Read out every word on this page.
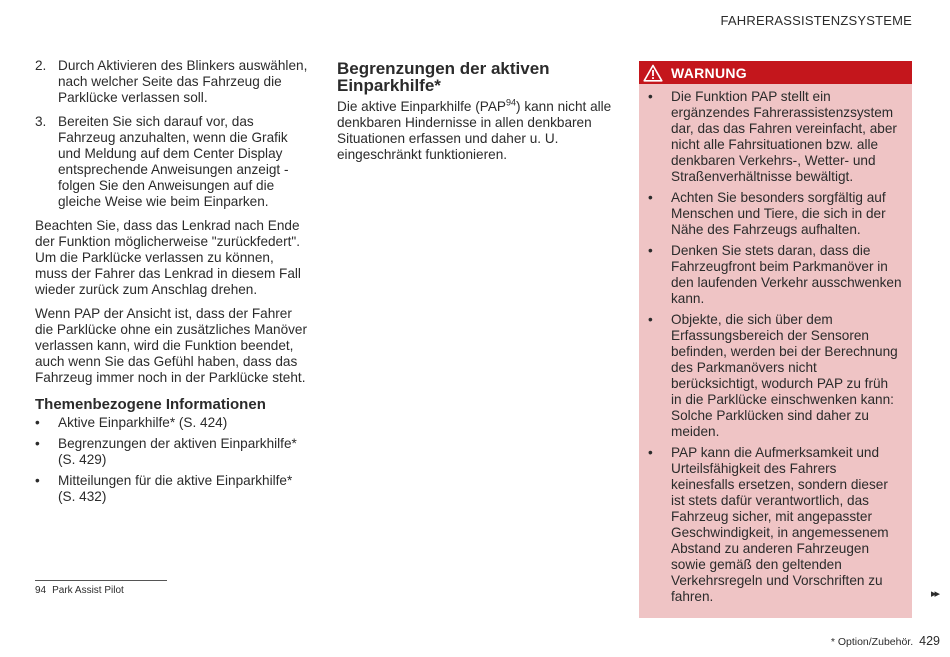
FAHRERASSISTENZSYSTEME
2. Durch Aktivieren des Blinkers auswählen, nach welcher Seite das Fahrzeug die Parklücke verlassen soll.
3. Bereiten Sie sich darauf vor, das Fahrzeug anzuhalten, wenn die Grafik und Meldung auf dem Center Display entsprechende Anweisungen anzeigt - folgen Sie den Anweisungen auf die gleiche Weise wie beim Einparken.

Beachten Sie, dass das Lenkrad nach Ende der Funktion möglicherweise "zurückfedert". Um die Parklücke verlassen zu können, muss der Fahrer das Lenkrad in diesem Fall wieder zurück zum Anschlag drehen.

Wenn PAP der Ansicht ist, dass der Fahrer die Parklücke ohne ein zusätzliches Manöver verlassen kann, wird die Funktion beendet, auch wenn Sie das Gefühl haben, dass das Fahrzeug immer noch in der Parklücke steht.

Themenbezogene Informationen
• Aktive Einparkhilfe* (S. 424)
• Begrenzungen der aktiven Einparkhilfe* (S. 429)
• Mitteilungen für die aktive Einparkhilfe* (S. 432)
Begrenzungen der aktiven Einparkhilfe*

Die aktive Einparkhilfe (PAP$^{94}$) kann nicht alle denkbaren Hindernisse in allen denkbaren Situationen erfassen und daher u. U. eingeschränkt funktionieren.

WARNUNG
• Die Funktion PAP stellt ein ergänzendes Fahrerassistenzsystem dar, das das Fahren vereinfacht, aber nicht alle Fahrsituationen bzw. alle denkbaren Verkehrs-, Wetter- und Straßenverhältnisse bewältigt.
• Achten Sie besonders sorgfältig auf Menschen und Tiere, die sich in der Nähe des Fahrzeugs aufhalten.
• Denken Sie stets daran, dass die Fahrzeugfront beim Parkmanöver in den laufenden Verkehr ausschwenken kann.
• Objekte, die sich über dem Erfassungsbereich der Sensoren befinden, werden bei der Berechnung des Parkmanövers nicht berücksichtigt, wodurch PAP zu früh in die Parklücke einschwenken kann: Solche Parklücken sind daher zu meiden.
• PAP kann die Aufmerksamkeit und Urteilsfähigkeit des Fahrers keinesfalls ersetzen, sondern dieser ist stets dafür verantwortlich, das Fahrzeug sicher, mit angepasster Geschwindigkeit, in angemessenem Abstand zu anderen Fahrzeugen sowie gemäß den geltenden Verkehrsregeln und Vorschriften zu fahren.
94 Park Assist Pilot	▸▸
* Option/Zubehör. 429
